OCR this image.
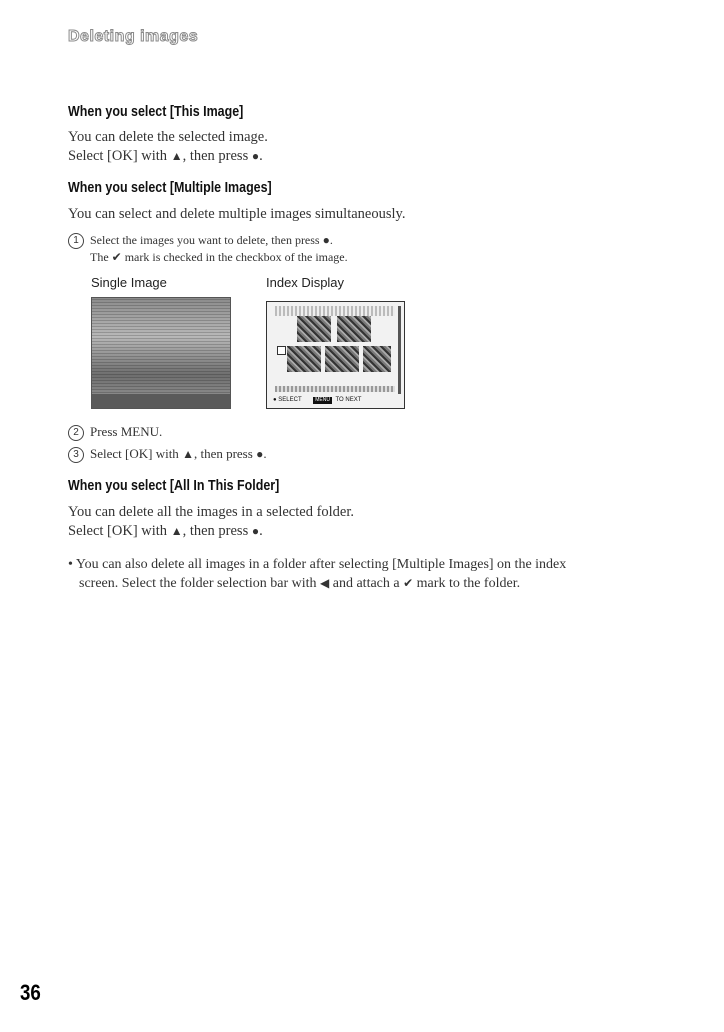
Deleting images
When you select [This Image]
You can delete the selected image.
Select [OK] with ▲, then press ●.
When you select [Multiple Images]
You can select and delete multiple images simultaneously.
1 Select the images you want to delete, then press ●.
The ✔ mark is checked in the checkbox of the image.
Single Image	Index Display
● SELECT	MENU TO NEXT
2 Press MENU.
3 Select [OK] with ▲, then press ●.
When you select [All In This Folder]
You can delete all the images in a selected folder.
Select [OK] with ▲, then press ●.
• You can also delete all images in a folder after selecting [Multiple Images] on the index
screen. Select the folder selection bar with ◀ and attach a ✔ mark to the folder.
36
